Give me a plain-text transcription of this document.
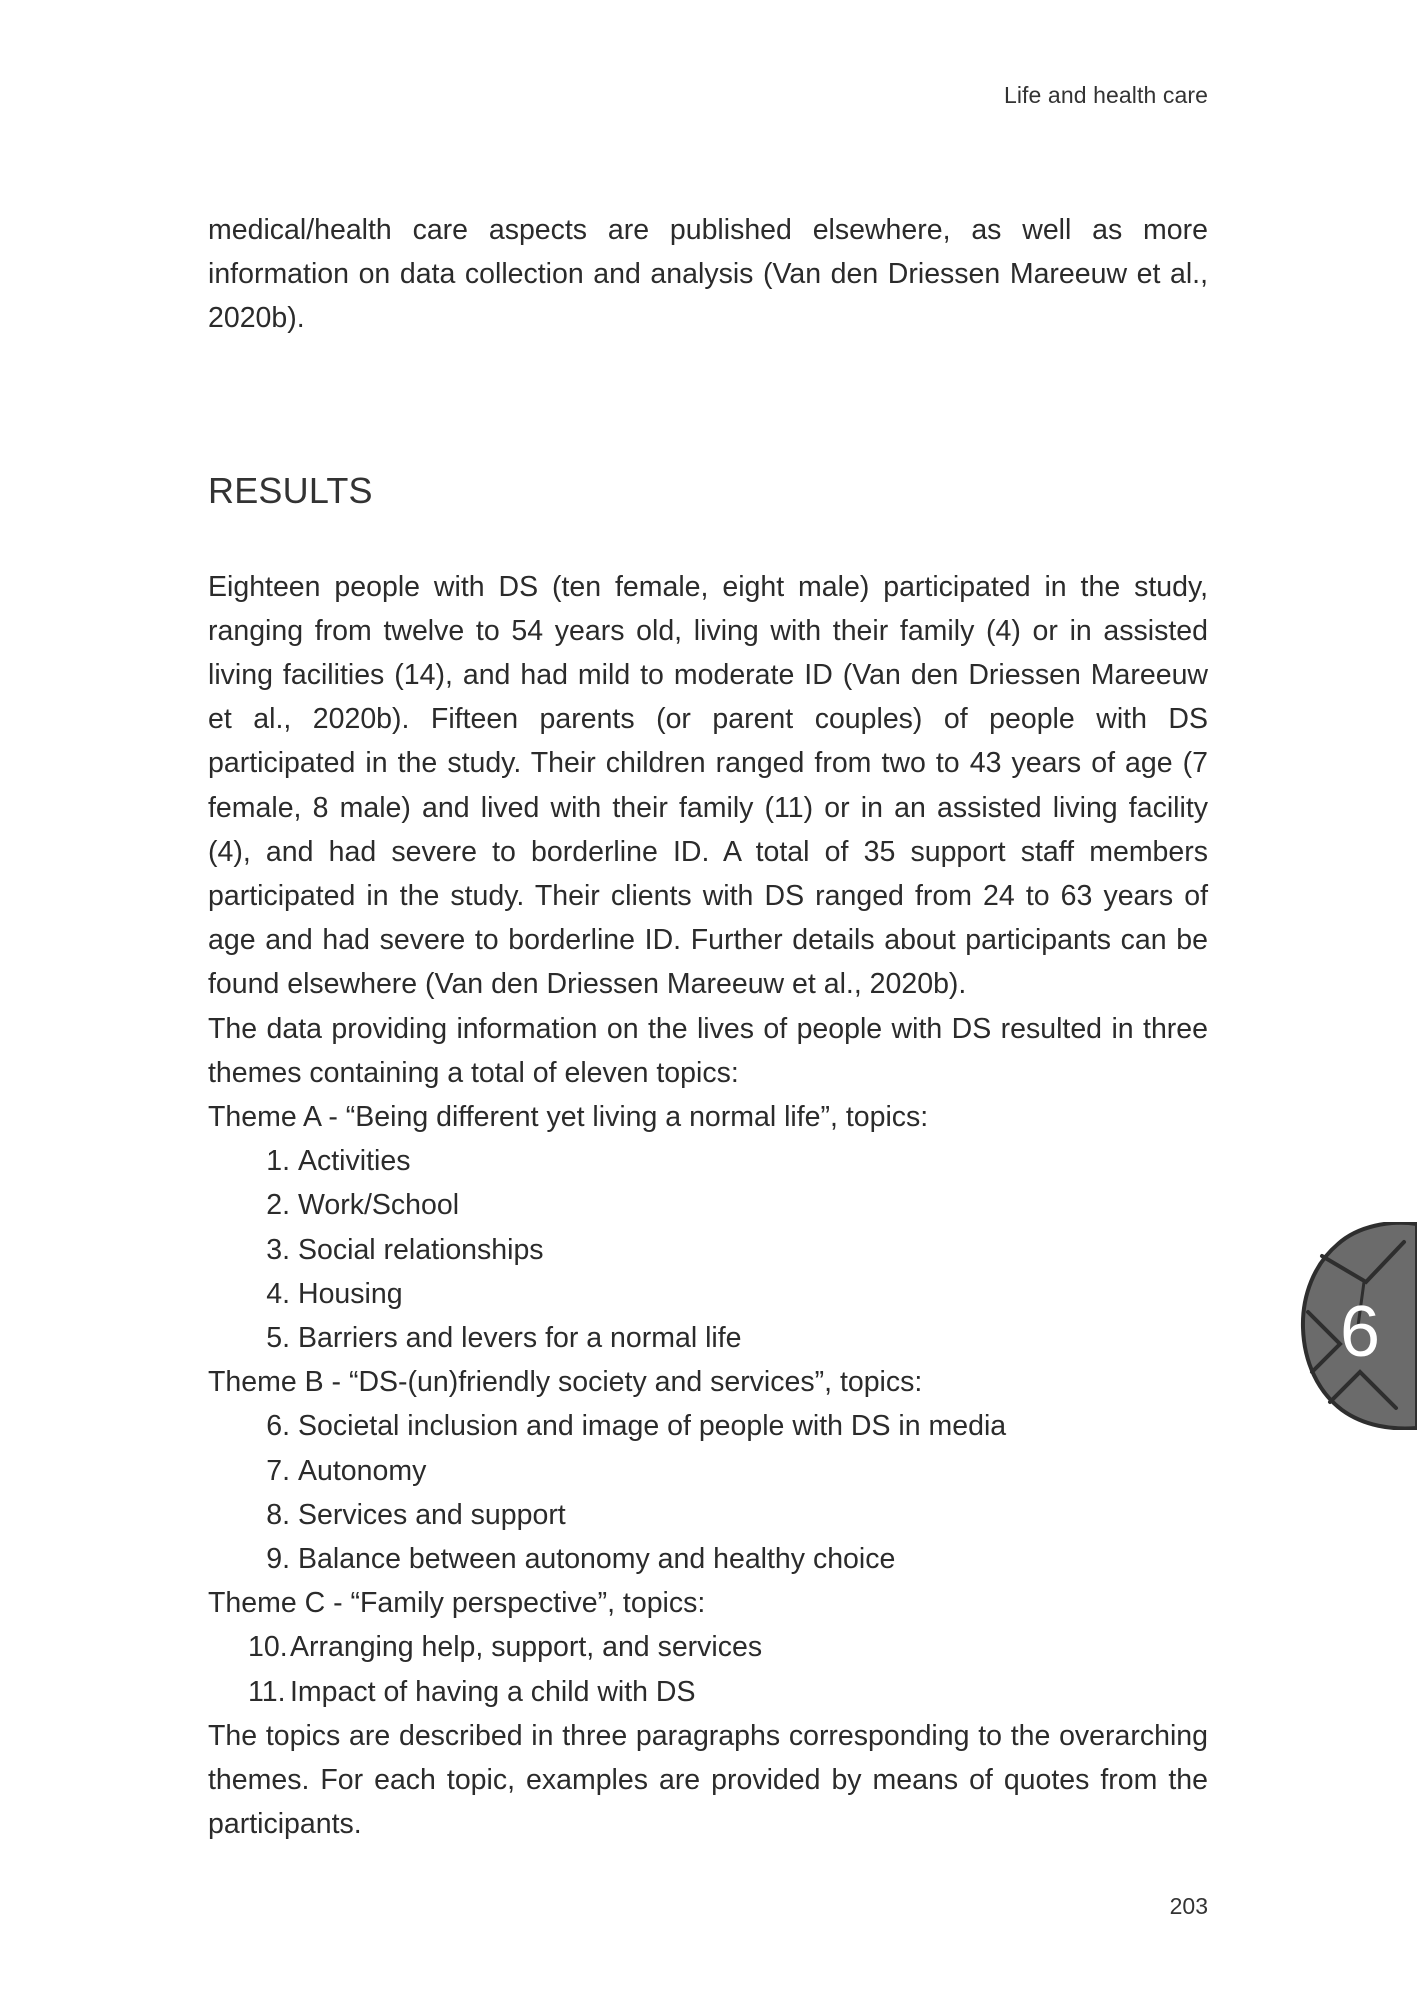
Life and health care

medical/health care aspects are published elsewhere, as well as more information on data collection and analysis (Van den Driessen Mareeuw et al., 2020b).

RESULTS

Eighteen people with DS (ten female, eight male) participated in the study, ranging from twelve to 54 years old, living with their family (4) or in assisted living facilities (14), and had mild to moderate ID (Van den Driessen Mareeuw et al., 2020b). Fifteen parents (or parent couples) of people with DS participated in the study. Their children ranged from two to 43 years of age (7 female, 8 male) and lived with their family (11) or in an assisted living facility (4), and had severe to borderline ID. A total of 35 support staff members participated in the study. Their clients with DS ranged from 24 to 63 years of age and had severe to borderline ID. Further details about participants can be found elsewhere (Van den Driessen Mareeuw et al., 2020b).

The data providing information on the lives of people with DS resulted in three themes containing a total of eleven topics:

Theme A - “Being different yet living a normal life”, topics:

1. Activities
2. Work/School
3. Social relationships
4. Housing
5. Barriers and levers for a normal life

Theme B - “DS-(un)friendly society and services”, topics:

6. Societal inclusion and image of people with DS in media
7. Autonomy
8. Services and support
9. Balance between autonomy and healthy choice

Theme C - “Family perspective”, topics:

10. Arranging help, support, and services
11. Impact of having a child with DS

The topics are described in three paragraphs corresponding to the overarching themes. For each topic, examples are provided by means of quotes from the participants.

6
203
